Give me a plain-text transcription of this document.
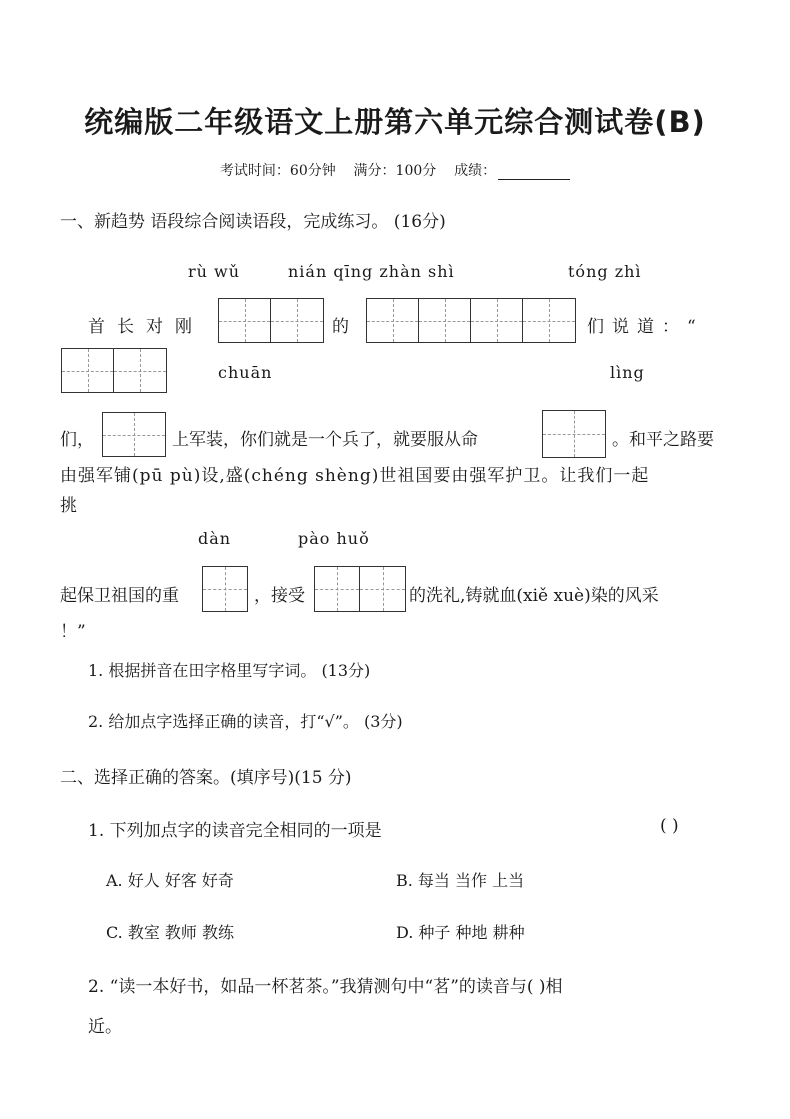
统编版二年级语文上册第六单元综合测试卷(B)
考试时间：60分钟 满分：100分 成绩：
一、新趋势 语段综合阅读语段，完成练习。 (16分)
rù wǔ	nián qīng zhàn shì	tóng zhì
首长对刚	的	们说道：“
chuān	lìng
们，	上军装，你们就是一个兵了，就要服从命	。和平之路要
由强军铺(pū pù)设,盛(chéng shèng)世祖国要由强军护卫。让我们一起
挑
dàn	pào huǒ
起保卫祖国的重	，接受	的洗礼,铸就血(xiě xuè)染的风采
！”
1. 根据拼音在田字格里写字词。 (13分)
2. 给加点字选择正确的读音，打“√”。 (3分)
二、选择正确的答案。(填序号)(15 分)
1. 下列加点字的读音完全相同的一项是	( )
A. 好人 好客 好奇	B. 每当 当作 上当
C. 教室 教师 教练	D. 种子 种地 耕种
2. “读一本好书，如品一杯茗茶。”我猜测句中“茗”的读音与( )相
近。
